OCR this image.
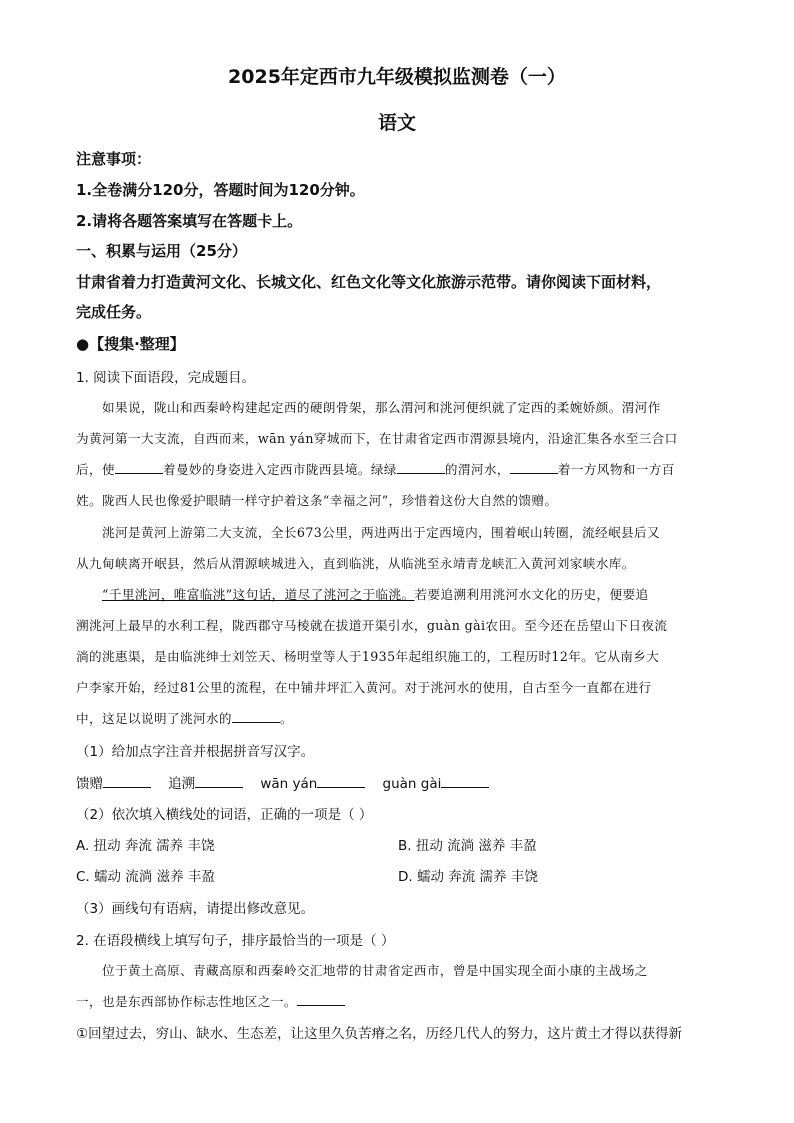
2025年定西市九年级模拟监测卷（一）
语文
注意事项：
1.全卷满分120分，答题时间为120分钟。
2.请将各题答案填写在答题卡上。
一、积累与运用（25分）
甘肃省着力打造黄河文化、长城文化、红色文化等文化旅游示范带。请你阅读下面材料，
完成任务。
●【搜集·整理】
1. 阅读下面语段，完成题目。
如果说，陇山和西秦岭构建起定西的硬朗骨架，那么渭河和洮河便织就了定西的柔婉娇颜。渭河作
为黄河第一大支流，自西而来，wān yán穿城而下，在甘肃省定西市渭源县境内，沿途汇集各水至三合口
后，使	着曼妙的身姿进入定西市陇西县境。绿绿	的渭河水，	着一方风物和一方百
姓。陇西人民也像爱护眼睛一样守护着这条“幸福之河”，珍惜着这份大自然的馈赠。
洮河是黄河上游第二大支流，全长673公里，两进两出于定西境内，围着岷山转圈，流经岷县后又
从九甸峡离开岷县，然后从渭源峡城进入，直到临洮，从临洮至永靖青龙峡汇入黄河刘家峡水库。
“千里洮河，唯富临洮”这句话，道尽了洮河之于临洮。若要追溯利用洮河水文化的历史，便要追
溯洮河上最早的水利工程，陇西郡守马棱就在拔道开渠引水，guàn gài农田。至今还在岳望山下日夜流
淌的洮惠渠，是由临洮绅士刘笠天、杨明堂等人于1935年起组织施工的，工程历时12年。它从南乡大
户李家开始，经过81公里的流程，在中铺井坪汇入黄河。对于洮河水的使用，自古至今一直都在进行
中，这足以说明了洮河水的	。
（1）给加点字注音并根据拼音写汉字。
馈赠	追溯	wān yán	guàn gài
（2）依次填入横线处的词语，正确的一项是（ ）
A. 扭动 奔流 濡养 丰饶	B. 扭动 流淌 滋养 丰盈
C. 蠕动 流淌 滋养 丰盈	D. 蠕动 奔流 濡养 丰饶
（3）画线句有语病，请提出修改意见。
2. 在语段横线上填写句子，排序最恰当的一项是（ ）
位于黄土高原、青藏高原和西秦岭交汇地带的甘肃省定西市，曾是中国实现全面小康的主战场之
一，也是东西部协作标志性地区之一。
①回望过去，穷山、缺水、生态差，让这里久负苦瘠之名，历经几代人的努力，这片黄土才得以获得新
